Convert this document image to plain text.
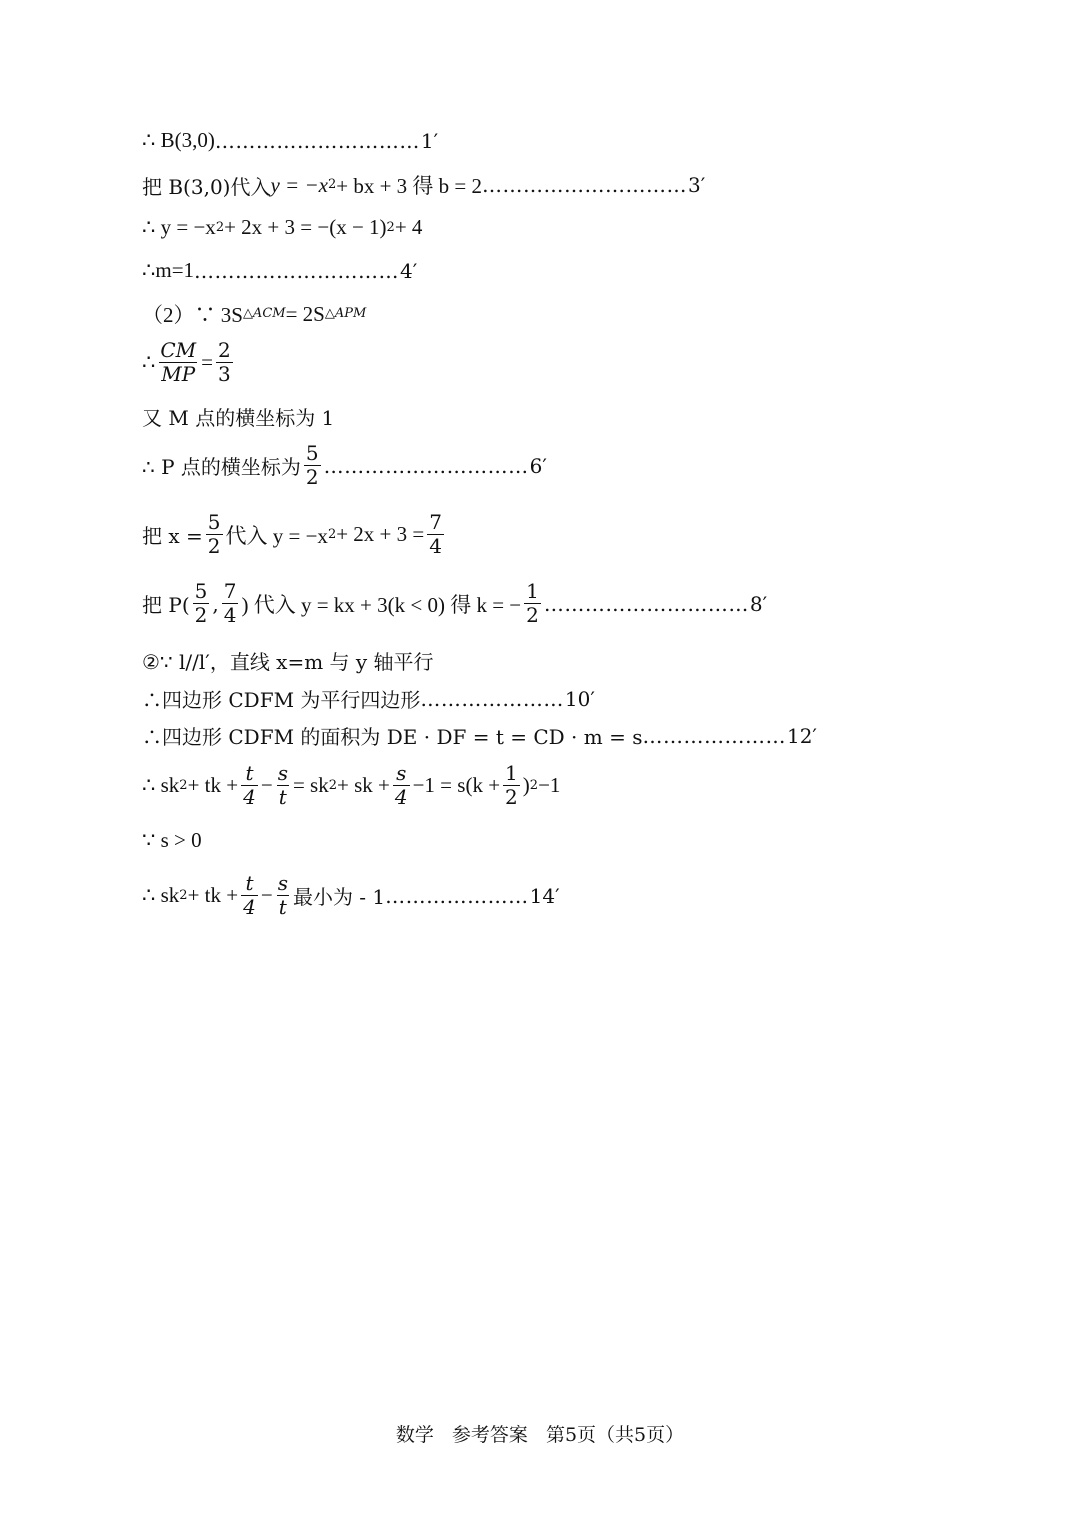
∴ B(3,0) ………………………… 1′
把 B(3,0)代入 y = −x 2 + bx + 3 得 b = 2 ………………………… 3′
∴ y = −x 2 + 2x + 3 = −(x − 1) 2 + 4
∴m=1 ………………………… 4′
（2）∵ 3S △ACM = 2S △APM
∴ $\frac{CM}{MP} = \frac{2}{3}$
又 M 点的横坐标为 1
∴ P 点的横坐标为 $\frac{5}{2}$ ………………………… 6′
把 $x = \frac{5}{2}$ 代入 y = −x $2 + 2x + 3 = \frac{7}{4}$
把 $P( \frac{5}{2}$ , $\frac{7}{4}$ ) 代入 y = kx + 3(k < 0) 得 k = − $\frac{1}{2}$ ………………………… 8′
②∵ l//l′，直线 x=m 与 y 轴平行
∴四边形 CDFM 为平行四边形 ………………… 10′
∴四边形 CDFM 的面积为 DE · DF = t = CD · m = s ………………… 12′
∴ sk 2 + tk + $\frac{t}{4} - \frac{s}{t}$ = sk 2 + sk + $\frac{s}{4} -1 = s(k + \frac{1}{2}$ ) 2 −1
∵ s > 0
∴ sk 2 + tk + $\frac{t}{4} - \frac{s}{t}$ 最小为 - 1 ………………… 14′
数学 参考答案 第5页（共5页）
